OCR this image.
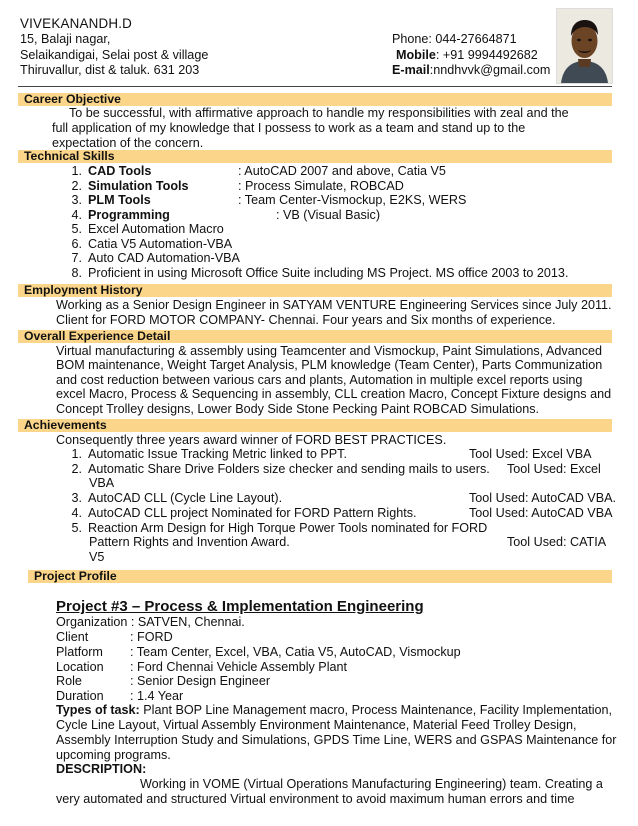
VIVEKANANDH.D
15, Balaji nagar,
Selaikandigai, Selai post & village
Thiruvallur, dist & taluk. 631 203
Phone: 044-27664871
Mobile: +91 9994492682
E-mail:nndhvvk@gmail.com
Career Objective
To be successful, with affirmative approach to handle my responsibilities with zeal and the
full application of my knowledge that I possess to work as a team and stand up to the
expectation of the concern.
Technical Skills
1. CAD Tools	: AutoCAD 2007 and above, Catia V5
2. Simulation Tools	: Process Simulate, ROBCAD
3. PLM Tools	: Team Center-Vismockup, E2KS, WERS
4. Programming	: VB (Visual Basic)
5. Excel Automation Macro
6. Catia V5 Automation-VBA
7. Auto CAD Automation-VBA
8. Proficient in using Microsoft Office Suite including MS Project. MS office 2003 to 2013.
Employment History
Working as a Senior Design Engineer in SATYAM VENTURE Engineering Services since July 2011.
Client for FORD MOTOR COMPANY- Chennai. Four years and Six months of experience.
Overall Experience Detail
Virtual manufacturing & assembly using Teamcenter and Vismockup, Paint Simulations, Advanced
BOM maintenance, Weight Target Analysis, PLM knowledge (Team Center), Parts Communization
and cost reduction between various cars and plants, Automation in multiple excel reports using
excel Macro, Process & Sequencing in assembly, CLL creation Macro, Concept Fixture designs and
Concept Trolley designs, Lower Body Side Stone Pecking Paint ROBCAD Simulations.
Achievements
Consequently three years award winner of FORD BEST PRACTICES.
1. Automatic Issue Tracking Metric linked to PPT.	Tool Used: Excel VBA
2. Automatic Share Drive Folders size checker and sending mails to users. Tool Used: Excel
VBA
3. AutoCAD CLL (Cycle Line Layout).	Tool Used: AutoCAD VBA.
4. AutoCAD CLL project Nominated for FORD Pattern Rights.	Tool Used: AutoCAD VBA
5. Reaction Arm Design for High Torque Power Tools nominated for FORD
Pattern Rights and Invention Award.	Tool Used: CATIA
V5
Project Profile
Project #3 – Process & Implementation Engineering
Organization : SATVEN, Chennai.
Client	: FORD
Platform : Team Center, Excel, VBA, Catia V5, AutoCAD, Vismockup
Location : Ford Chennai Vehicle Assembly Plant
Role	: Senior Design Engineer
Duration : 1.4 Year
Types of task: Plant BOP Line Management macro, Process Maintenance, Facility Implementation,
Cycle Line Layout, Virtual Assembly Environment Maintenance, Material Feed Trolley Design,
Assembly Interruption Study and Simulations, GPDS Time Line, WERS and GSPAS Maintenance for
upcoming programs.
DESCRIPTION:
Working in VOME (Virtual Operations Manufacturing Engineering) team. Creating a
very automated and structured Virtual environment to avoid maximum human errors and time
